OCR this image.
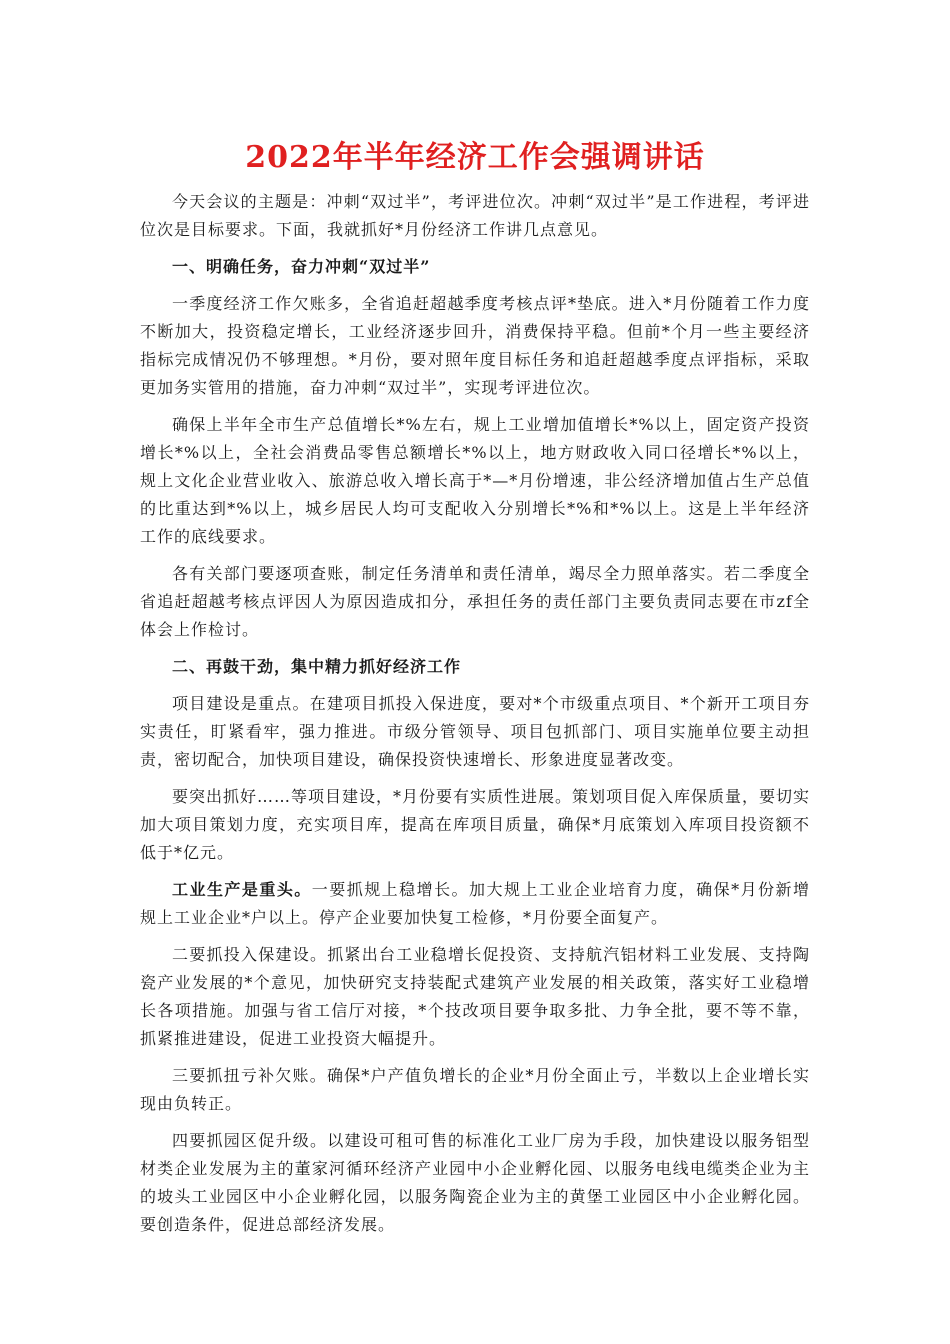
2022年半年经济工作会强调讲话

今天会议的主题是：冲刺“双过半”，考评进位次。冲刺“双过半”是工作进程，考评进位次是目标要求。下面，我就抓好*月份经济工作讲几点意见。

一、明确任务，奋力冲刺“双过半”

一季度经济工作欠账多，全省追赶超越季度考核点评*垫底。进入*月份随着工作力度不断加大，投资稳定增长，工业经济逐步回升，消费保持平稳。但前*个月一些主要经济指标完成情况仍不够理想。*月份，要对照年度目标任务和追赶超越季度点评指标，采取更加务实管用的措施，奋力冲刺“双过半”，实现考评进位次。

确保上半年全市生产总值增长*%左右，规上工业增加值增长*%以上，固定资产投资增长*%以上，全社会消费品零售总额增长*%以上，地方财政收入同口径增长*%以上，规上文化企业营业收入、旅游总收入增长高于*—*月份增速，非公经济增加值占生产总值的比重达到*%以上，城乡居民人均可支配收入分别增长*%和*%以上。这是上半年经济工作的底线要求。

各有关部门要逐项查账，制定任务清单和责任清单，竭尽全力照单落实。若二季度全省追赶超越考核点评因人为原因造成扣分，承担任务的责任部门主要负责同志要在市zf全体会上作检讨。

二、再鼓干劲，集中精力抓好经济工作

项目建设是重点。在建项目抓投入保进度，要对*个市级重点项目、*个新开工项目夯实责任，盯紧看牢，强力推进。市级分管领导、项目包抓部门、项目实施单位要主动担责，密切配合，加快项目建设，确保投资快速增长、形象进度显著改变。

要突出抓好……等项目建设，*月份要有实质性进展。策划项目促入库保质量，要切实加大项目策划力度，充实项目库，提高在库项目质量，确保*月底策划入库项目投资额不低于*亿元。

工业生产是重头。一要抓规上稳增长。加大规上工业企业培育力度，确保*月份新增规上工业企业*户以上。停产企业要加快复工检修，*月份要全面复产。

二要抓投入保建设。抓紧出台工业稳增长促投资、支持航汽铝材料工业发展、支持陶瓷产业发展的*个意见，加快研究支持装配式建筑产业发展的相关政策，落实好工业稳增长各项措施。加强与省工信厅对接，*个技改项目要争取多批、力争全批，要不等不靠，抓紧推进建设，促进工业投资大幅提升。

三要抓扭亏补欠账。确保*户产值负增长的企业*月份全面止亏，半数以上企业增长实现由负转正。

四要抓园区促升级。以建设可租可售的标准化工业厂房为手段，加快建设以服务铝型材类企业发展为主的董家河循环经济产业园中小企业孵化园、以服务电线电缆类企业为主的坡头工业园区中小企业孵化园，以服务陶瓷企业为主的黄堡工业园区中小企业孵化园。要创造条件，促进总部经济发展。
